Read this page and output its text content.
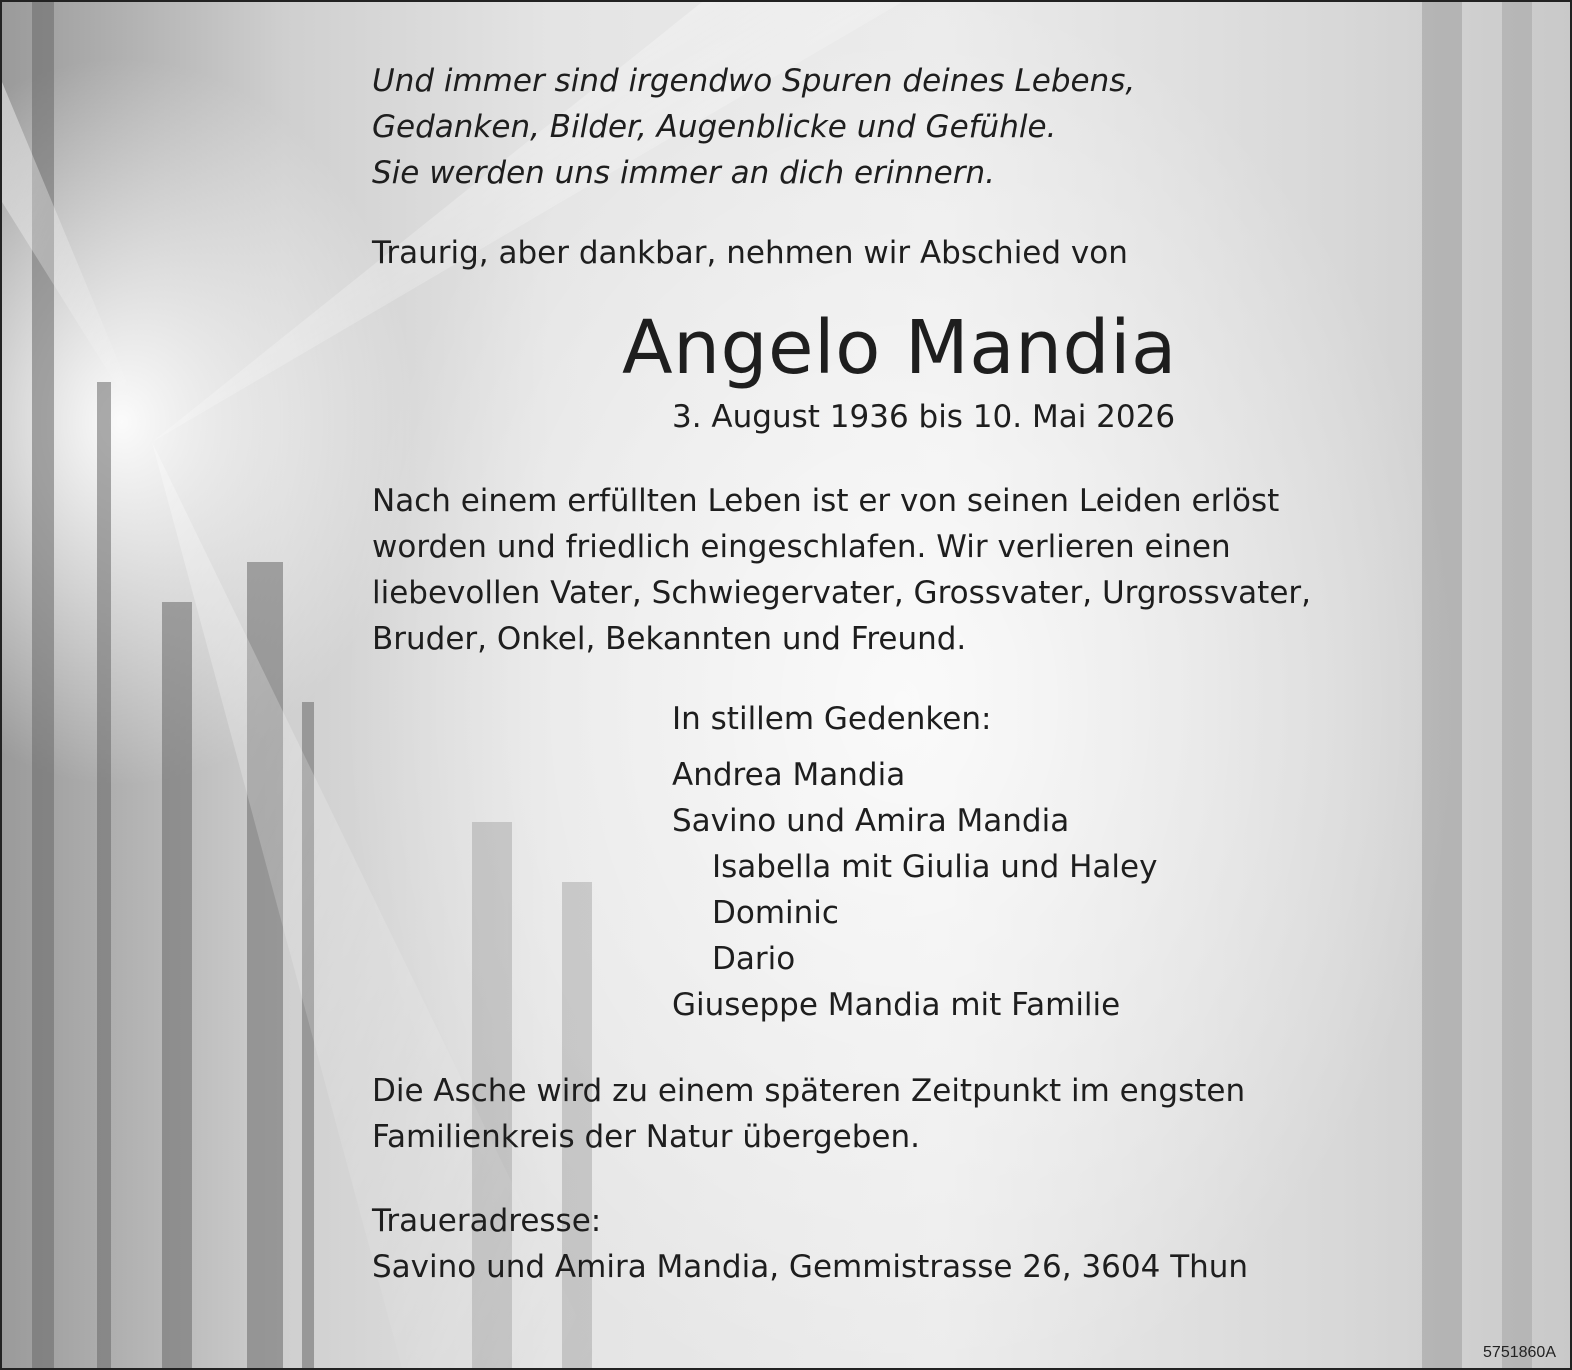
Und immer sind irgendwo Spuren deines Lebens,

Gedanken, Bilder, Augenblicke und Gefühle.

Sie werden uns immer an dich erinnern.

Traurig, aber dankbar, nehmen wir Abschied von

Angelo Mandia

3. August 1936 bis 10. Mai 2026

Nach einem erfüllten Leben ist er von seinen Leiden erlöst

worden und friedlich eingeschlafen. Wir verlieren einen

liebevollen Vater, Schwiegervater, Grossvater, Urgrossvater,

Bruder, Onkel, Bekannten und Freund.

In stillem Gedenken:

Andrea Mandia

Savino und Amira Mandia

Isabella mit Giulia und Haley

Dominic

Dario

Giuseppe Mandia mit Familie

Die Asche wird zu einem späteren Zeitpunkt im engsten

Familienkreis der Natur übergeben.

Traueradresse:

Savino und Amira Mandia, Gemmistrasse 26, 3604 Thun

5751860A
